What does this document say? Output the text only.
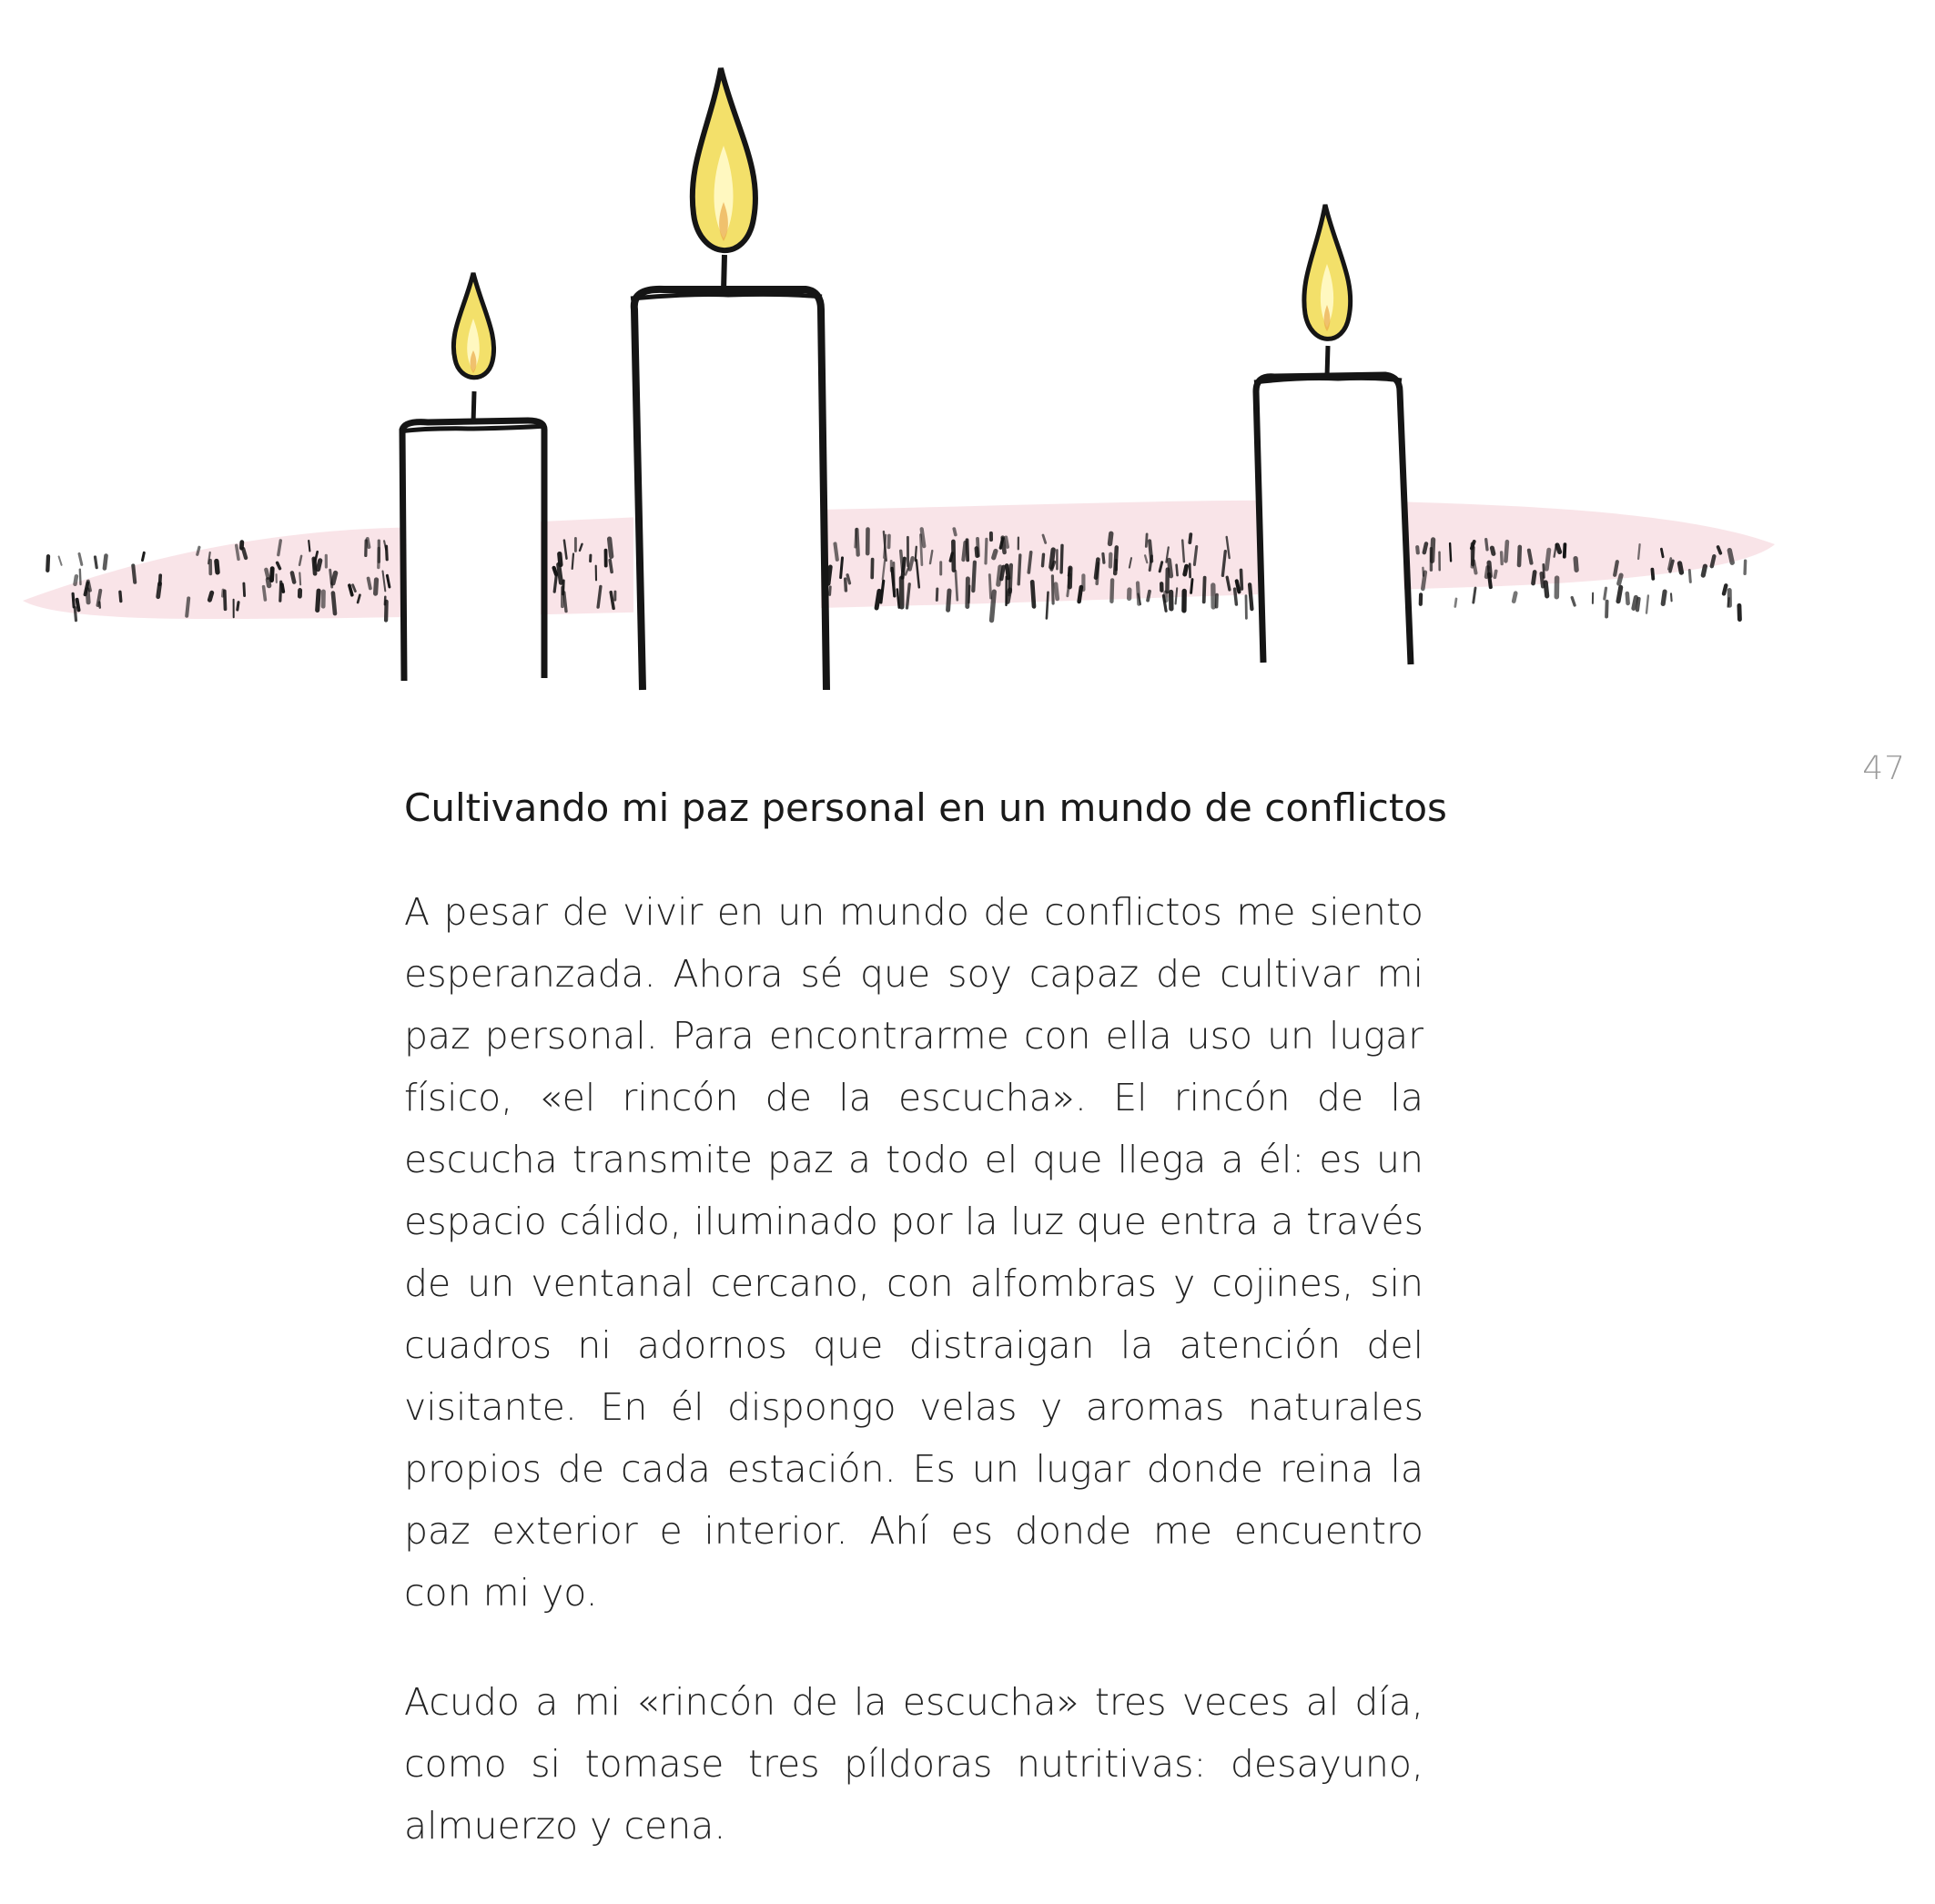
47
Cultivando mi paz personal en un mundo de conflictos

A pesar de vivir en un mundo de conflictos me siento esperanzada. Ahora sé que soy capaz de cultivar mi paz personal. Para encontrarme con ella uso un lugar físico, «el rincón de la escucha». El rincón de la escucha transmite paz a todo el que llega a él: es un espacio cálido, iluminado por la luz que entra a través de un ventanal cercano, con alfombras y cojines, sin cuadros ni adornos que distraigan la atención del visitante. En él dispongo velas y aromas naturales propios de cada estación. Es un lugar donde reina la paz exterior e interior. Ahí es donde me encuentro con mi yo.

Acudo a mi «rincón de la escucha» tres veces al día, como si tomase tres píldoras nutritivas: desayuno, almuerzo y cena.
